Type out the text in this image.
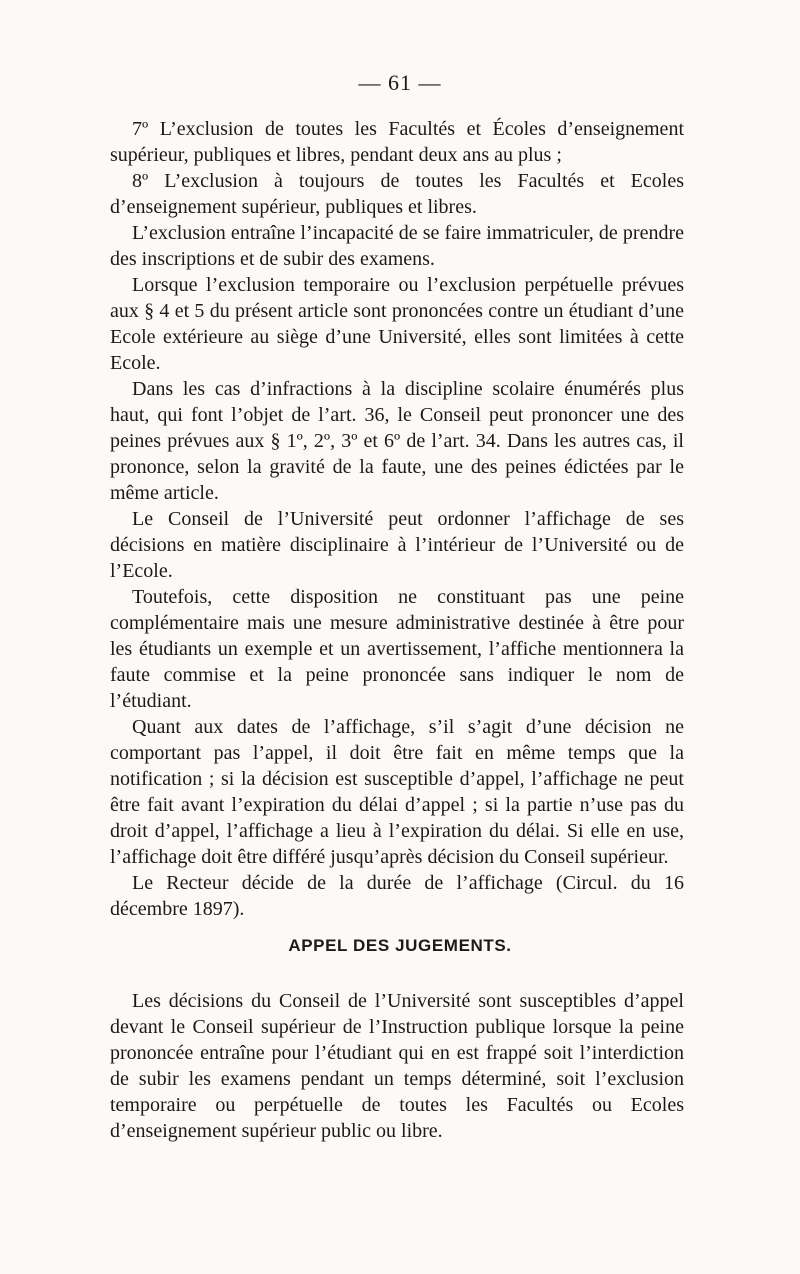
— 61 —

7º L’exclusion de toutes les Facultés et Écoles d’enseignement supérieur, publiques et libres, pendant deux ans au plus ;

8º L’exclusion à toujours de toutes les Facultés et Ecoles d’enseignement supérieur, publiques et libres.

L’exclusion entraîne l’incapacité de se faire immatriculer, de prendre des inscriptions et de subir des examens.

Lorsque l’exclusion temporaire ou l’exclusion perpétuelle prévues aux § 4 et 5 du présent article sont prononcées contre un étudiant d’une Ecole extérieure au siège d’une Université, elles sont limitées à cette Ecole.

Dans les cas d’infractions à la discipline scolaire énumérés plus haut, qui font l’objet de l’art. 36, le Conseil peut prononcer une des peines prévues aux § 1º, 2º, 3º et 6º de l’art. 34. Dans les autres cas, il prononce, selon la gravité de la faute, une des peines édictées par le même article.

Le Conseil de l’Université peut ordonner l’affichage de ses décisions en matière disciplinaire à l’intérieur de l’Université ou de l’Ecole.

Toutefois, cette disposition ne constituant pas une peine complémentaire mais une mesure administrative destinée à être pour les étudiants un exemple et un avertissement, l’affiche mentionnera la faute commise et la peine prononcée sans indiquer le nom de l’étudiant.

Quant aux dates de l’affichage, s’il s’agit d’une décision ne comportant pas l’appel, il doit être fait en même temps que la notification ; si la décision est susceptible d’appel, l’affichage ne peut être fait avant l’expiration du délai d’appel ; si la partie n’use pas du droit d’appel, l’affichage a lieu à l’expiration du délai. Si elle en use, l’affichage doit être différé jusqu’après décision du Conseil supérieur.

Le Recteur décide de la durée de l’affichage (Circul. du 16 décembre 1897).

APPEL DES JUGEMENTS.

Les décisions du Conseil de l’Université sont susceptibles d’appel devant le Conseil supérieur de l’Instruction publique lorsque la peine prononcée entraîne pour l’étudiant qui en est frappé soit l’interdiction de subir les examens pendant un temps déterminé, soit l’exclusion temporaire ou perpétuelle de toutes les Facultés ou Ecoles d’enseignement supérieur public ou libre.
